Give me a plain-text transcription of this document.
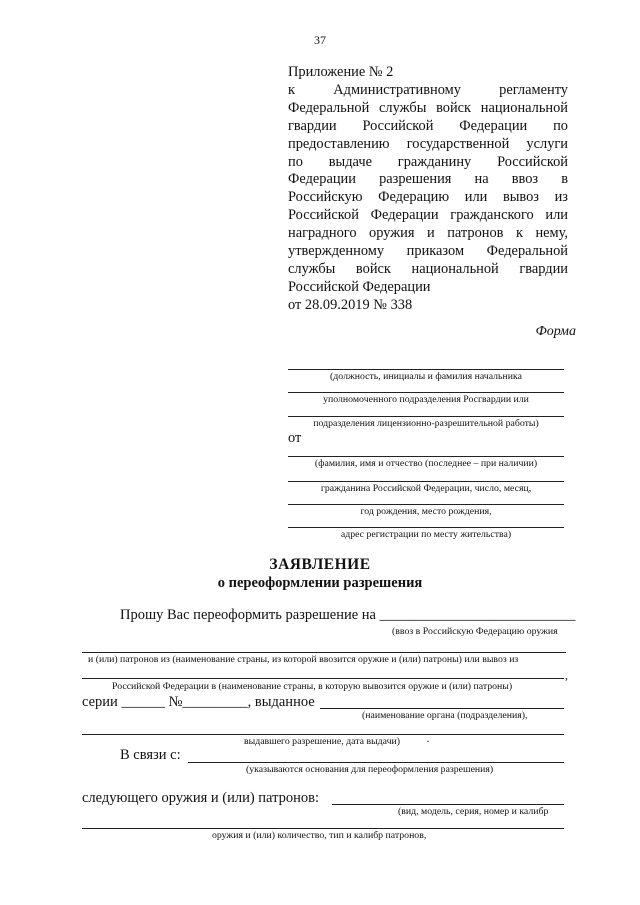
37
Приложение № 2
к Административному регламенту
Федеральной службы войск национальной
гвардии Российской Федерации по
предоставлению государственной услуги
по выдаче гражданину Российской
Федерации разрешения на ввоз в
Российскую Федерацию или вывоз из
Российской Федерации гражданского или
наградного оружия и патронов к нему,
утвержденному приказом Федеральной
службы войск национальной гвардии
Российской Федерации
от 28.09.2019 № 338
Форма
(должность, инициалы и фамилия начальника
уполномоченного подразделения Росгвардии или
подразделения лицензионно-разрешительной работы)
от
(фамилия, имя и отчество (последнее – при наличии)
гражданина Российской Федерации, число, месяц,
год рождения, место рождения,
адрес регистрации по месту жительства)
ЗАЯВЛЕНИЕ
о переоформлении разрешения
Прошу Вас переоформить разрешение на ___________________________
(ввоз в Российскую Федерацию оружия
и (или) патронов из (наименование страны, из которой ввозится оружие и (или) патроны) или вывоз из
,
Российской Федерации в (наименование страны, в которую вывозится оружие и (или) патроны)
серии ______ №_________, выданное
(наименование органа (подразделения),
выдавшего разрешение, дата выдачи) ·
В связи с:
(указываются основания для переоформления разрешения)
следующего оружия и (или) патронов:
(вид, модель, серия, номер и калибр
оружия и (или) количество, тип и калибр патронов,
